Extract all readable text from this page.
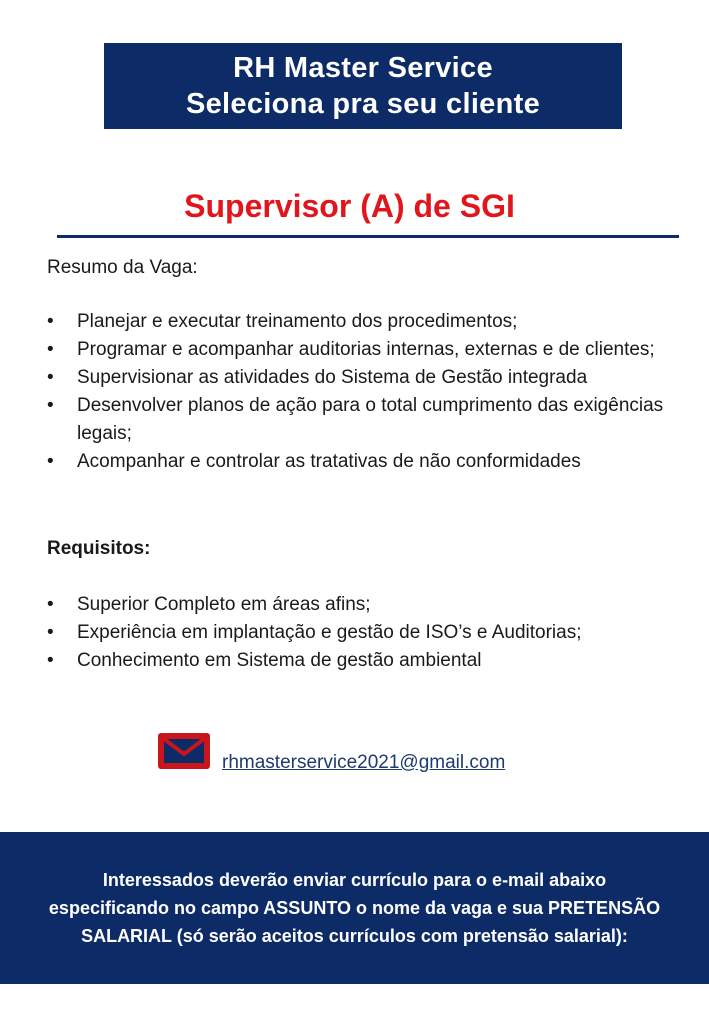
RH Master Service
Seleciona pra seu cliente
Supervisor (A) de SGI
Resumo da Vaga:
•	Planejar e executar treinamento dos procedimentos;
•	Programar e acompanhar auditorias internas, externas e de clientes;
•	Supervisionar as atividades do Sistema de Gestão integrada
•	Desenvolver planos de ação para o total cumprimento das exigências legais;
•	Acompanhar e controlar as tratativas de não conformidades
Requisitos:
•	Superior Completo em áreas afins;
•	Experiência em implantação e gestão de ISO’s e Auditorias;
•	Conhecimento em Sistema de gestão ambiental
rhmasterservice2021@gmail.com
Interessados deverão enviar currículo para o e-mail abaixo
especificando no campo ASSUNTO o nome da vaga e sua PRETENSÃO
SALARIAL (só serão aceitos currículos com pretensão salarial):
